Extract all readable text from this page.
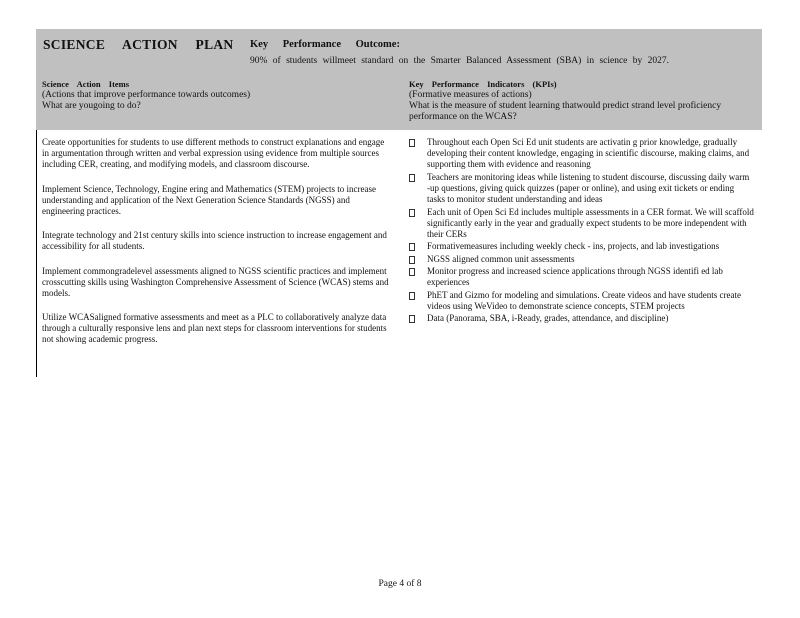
SCIENCE ACTION PLAN Key Performance Outcome:
90% of students willmeet standard on the Smarter Balanced Assessment (SBA) in science by 2027.
Science Action Items
(Actions that improve performance towards outcomes)
What are yougoing to do?
Key Performance Indicators (KPIs)
(Formative measures of actions)
What is the measure of student learning thatwould predict strand level proficiency performance on the WCAS?

Create opportunities for students to use different methods to construct explanations and engage in argumentation through written and verbal expression using evidence from multiple sources including CER, creating, and modifying models, and classroom discourse.

Implement Science, Technology, Engine ering and Mathematics (STEM) projects to increase understanding and application of the Next Generation Science Standards (NGSS) and engineering practices.

Integrate technology and 21st century skills into science instruction to increase engagement and accessibility for all students.

Implement commongradelevel assessments aligned to NGSS scientific practices and implement crosscutting skills using Washington Comprehensive Assessment of Science (WCAS) stems and models.

Utilize WCASaligned formative assessments and meet as a PLC to collaboratively analyze data through a culturally responsive lens and plan next steps for classroom interventions for students not showing academic progress.

Throughout each Open Sci Ed unit students are activatin g prior knowledge, gradually developing their content knowledge, engaging in scientific discourse, making claims, and supporting them with evidence and reasoning
Teachers are monitoring ideas while listening to student discourse, discussing daily warm -up questions, giving quick quizzes (paper or online), and using exit tickets or ending tasks to monitor student understanding and ideas
Each unit of Open Sci Ed includes multiple assessments in a CER format. We will scaffold significantly early in the year and gradually expect students to be more independent with their CERs
Formativemeasures including weekly check - ins, projects, and lab investigations
NGSS aligned common unit assessments
Monitor progress and increased science applications through NGSS identifi ed lab experiences
PhET and Gizmo for modeling and simulations. Create videos and have students create videos using WeVideo to demonstrate science concepts, STEM projects
Data (Panorama, SBA, i-Ready, grades, attendance, and discipline)
Page 4 of 8
